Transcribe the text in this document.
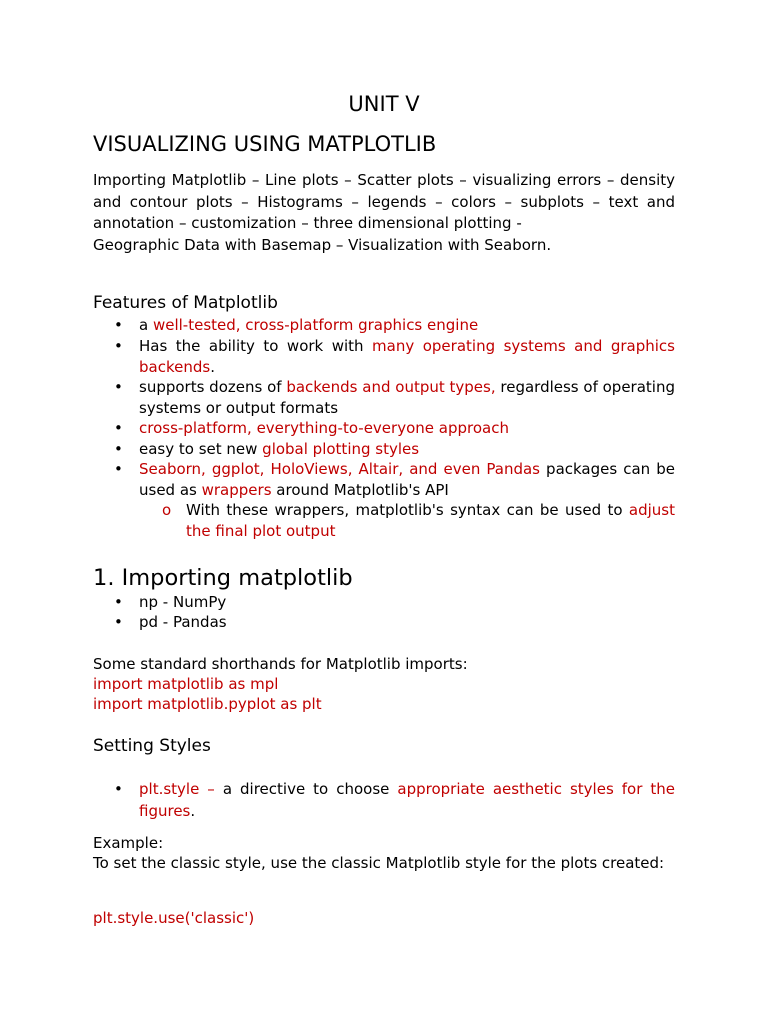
UNIT V
VISUALIZING USING MATPLOTLIB
Importing Matplotlib – Line plots – Scatter plots – visualizing errors – density and contour plots – Histograms – legends – colors – subplots – text and annotation – customization – three dimensional plotting -
Geographic Data with Basemap – Visualization with Seaborn.
Features of Matplotlib
• a well-tested, cross-platform graphics engine
• Has the ability to work with many operating systems and graphics backends.
• supports dozens of backends and output types, regardless of operating systems or output formats
• cross-platform, everything-to-everyone approach
• easy to set new global plotting styles
• Seaborn, ggplot, HoloViews, Altair, and even Pandas packages can be used as wrappers around Matplotlib's API
o With these wrappers, matplotlib's syntax can be used to adjust the final plot output
1. Importing matplotlib
• np - NumPy
• pd - Pandas
Some standard shorthands for Matplotlib imports:
import matplotlib as mpl
import matplotlib.pyplot as plt
Setting Styles
• plt.style – a directive to choose appropriate aesthetic styles for the figures.
Example:
To set the classic style, use the classic Matplotlib style for the plots created:
plt.style.use('classic')
